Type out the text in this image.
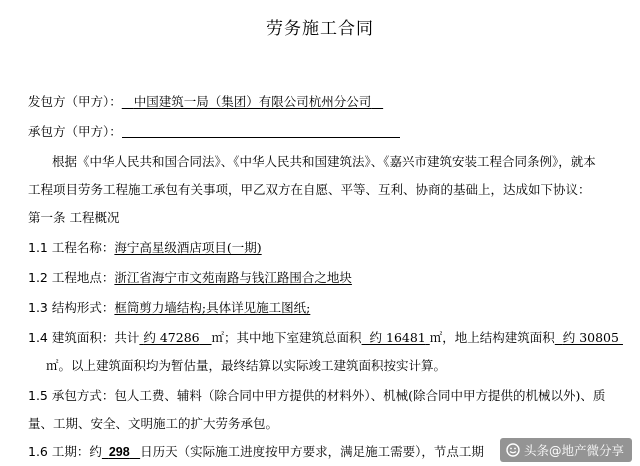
劳务施工合同
发包方（甲方）： 中国建筑一局（集团）有限公司杭州分公司
承包方（甲方）：
根据《中华人民共和国合同法》、《中华人民共和国建筑法》、《嘉兴市建筑安装工程合同条例》，就本
工程项目劳务工程施工承包有关事项，甲乙双方在自愿、平等、互利、协商的基础上，达成如下协议：
第一条 工程概况
1.1 工程名称：海宁高星级酒店项目(一期)
1.2 工程地点：浙江省海宁市文苑南路与钱江路围合之地块
1.3 结构形式：框筒剪力墙结构;具体详见施工图纸;
1.4 建筑面积：共计 约 47286 ㎡；其中地下室建筑总面积 约 16481 ㎡，地上结构建筑面积 约 30805
㎡。以上建筑面积均为暂估量，最终结算以实际竣工建筑面积按实计算。
1.5 承包方式：包人工费、辅料（除合同中甲方提供的材料外）、机械(除合同中甲方提供的机械以外)、质
量、工期、安全、文明施工的扩大劳务承包。
1.6 工期：约 298 日历天（实际施工进度按甲方要求，满足施工需要），节点工期	头条@地产微分享
